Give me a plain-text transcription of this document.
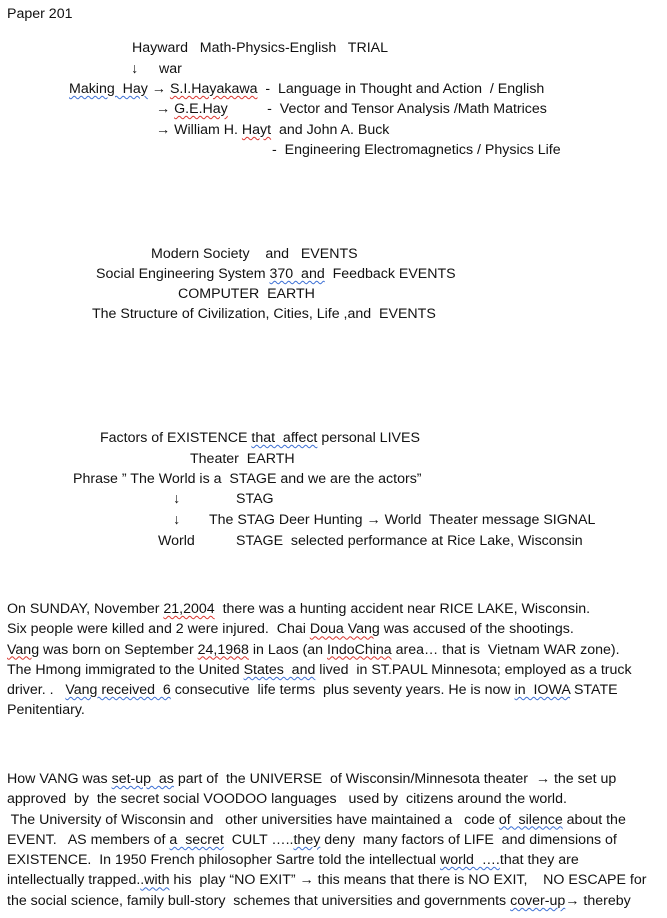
Paper 201
Hayward   Math-Physics-English   TRIAL
↓ war
Making  Hay → S.I.Hayakawa  -  Language in Thought and Action  / English
→ G.E.Hay          -  Vector and Tensor Analysis /Math Matrices
→ William H. Hayt  and John A. Buck
-  Engineering Electromagnetics / Physics Life
Modern Society    and   EVENTS
Social Engineering System 370  and  Feedback EVENTS
COMPUTER  EARTH
The Structure of Civilization, Cities, Life ,and  EVENTS
Factors of EXISTENCE that  affect personal LIVES
Theater  EARTH
Phrase ” The World is a  STAGE and we are the actors”
↓	STAG
↓ The STAG Deer Hunting → World  Theater message SIGNAL
World	STAGE  selected performance at Rice Lake, Wisconsin
On SUNDAY, November 21,2004  there was a hunting accident near RICE LAKE, Wisconsin.
Six people were killed and 2 were injured.  Chai Doua Vang was accused of the shootings.
Vang was born on September 24,1968 in Laos (an IndoChina area… that is  Vietnam WAR zone).
The Hmong immigrated to the United States  and lived  in ST.PAUL Minnesota; employed as a truck
driver. .   Vang received  6 consecutive  life terms  plus seventy years. He is now in  IOWA STATE
Penitentiary.
How VANG was set-up  as part of  the UNIVERSE  of Wisconsin/Minnesota theater  → the set up
approved  by  the secret social VOODOO languages   used by  citizens around the world.
The University of Wisconsin and   other universities have maintained a   code of  silence about the
EVENT.   AS members of a  secret  CULT …..they deny  many factors of LIFE  and dimensions of
EXISTENCE.  In 1950 French philosopher Sartre told the intellectual world  ….that they are
intellectually trapped..with his  play “NO EXIT” → this means that there is NO EXIT,    NO ESCAPE for
the social science, family bull-story  schemes that universities and governments cover-up→ thereby
